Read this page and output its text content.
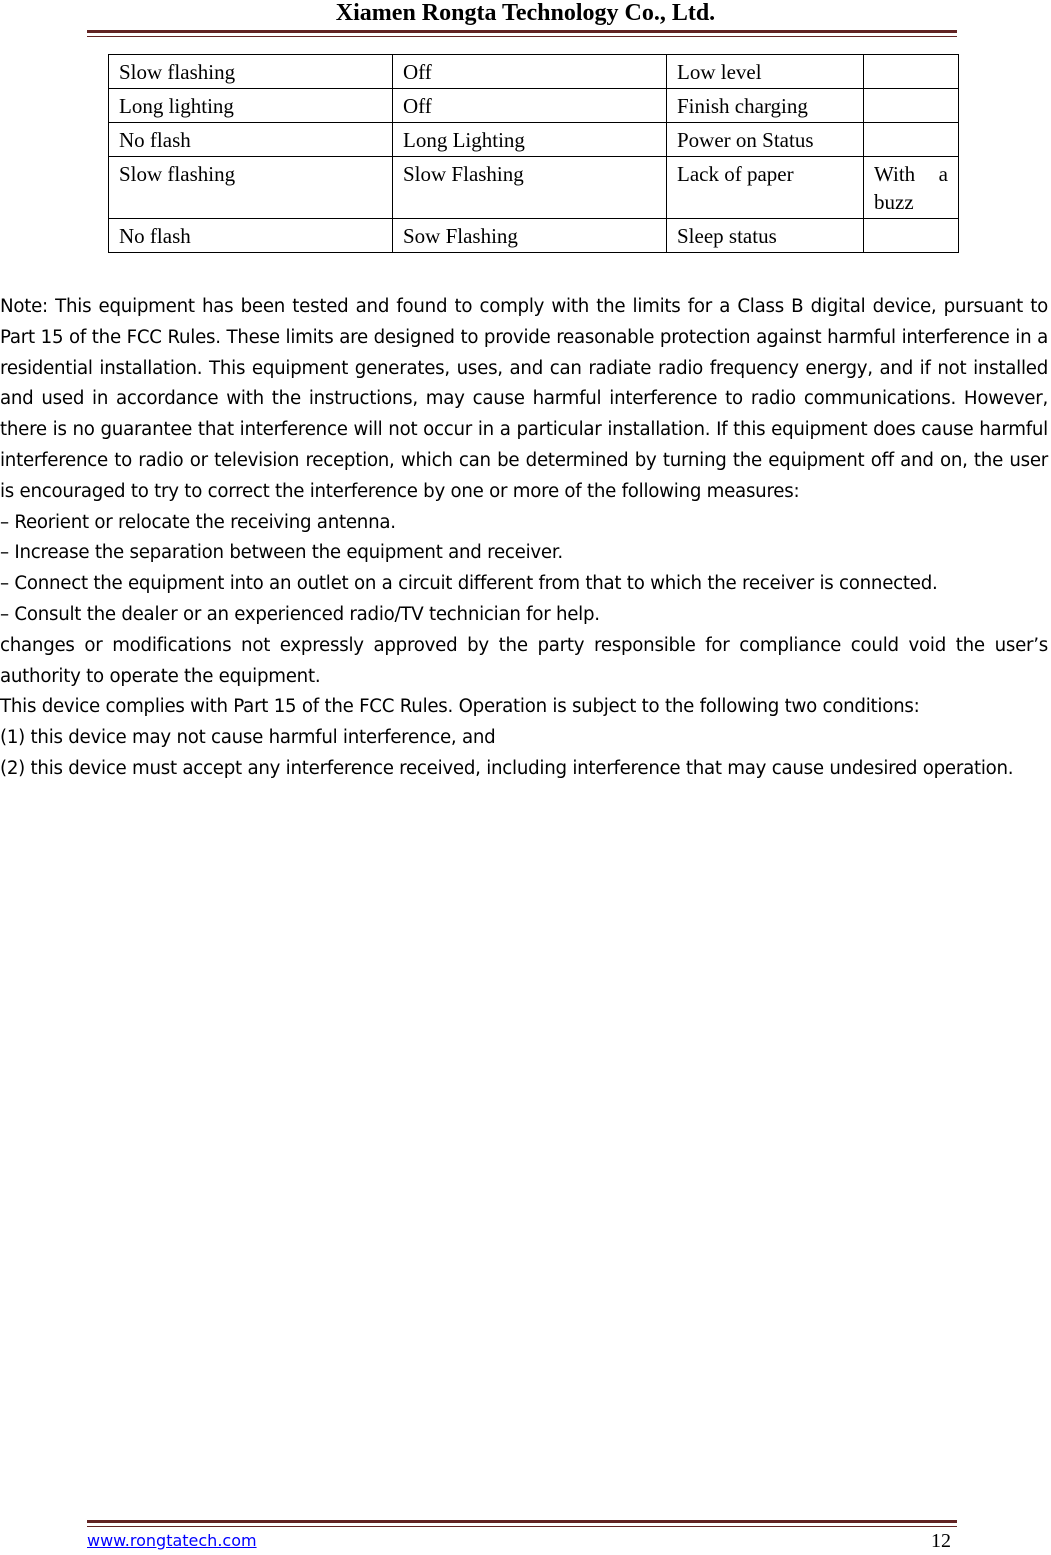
Xiamen Rongta Technology Co., Ltd.
Slow flashing	Off	Low level	
Long lighting	Off	Finish charging	
No flash	Long Lighting	Power on Status	
Slow flashing	Slow Flashing	Lack of paper	With a buzz
No flash	Sow Flashing	Sleep status	

Note: This equipment has been tested and found to comply with the limits for a Class B digital device, pursuant to Part 15 of the FCC Rules. These limits are designed to provide reasonable protection against harmful interference in a residential installation. This equipment generates, uses, and can radiate radio frequency energy, and if not installed and used in accordance with the instructions, may cause harmful interference to radio communications. However, there is no guarantee that interference will not occur in a particular installation. If this equipment does cause harmful interference to radio or television reception, which can be determined by turning the equipment off and on, the user is encouraged to try to correct the interference by one or more of the following measures:

– Reorient or relocate the receiving antenna.

– Increase the separation between the equipment and receiver.

– Connect the equipment into an outlet on a circuit different from that to which the receiver is connected.

– Consult the dealer or an experienced radio/TV technician for help.

changes or modifications not expressly approved by the party responsible for compliance could void the user’s authority to operate the equipment.

This device complies with Part 15 of the FCC Rules. Operation is subject to the following two conditions:

(1) this device may not cause harmful interference, and

(2) this device must accept any interference received, including interference that may cause undesired operation.

www.rongtatech.com	12
